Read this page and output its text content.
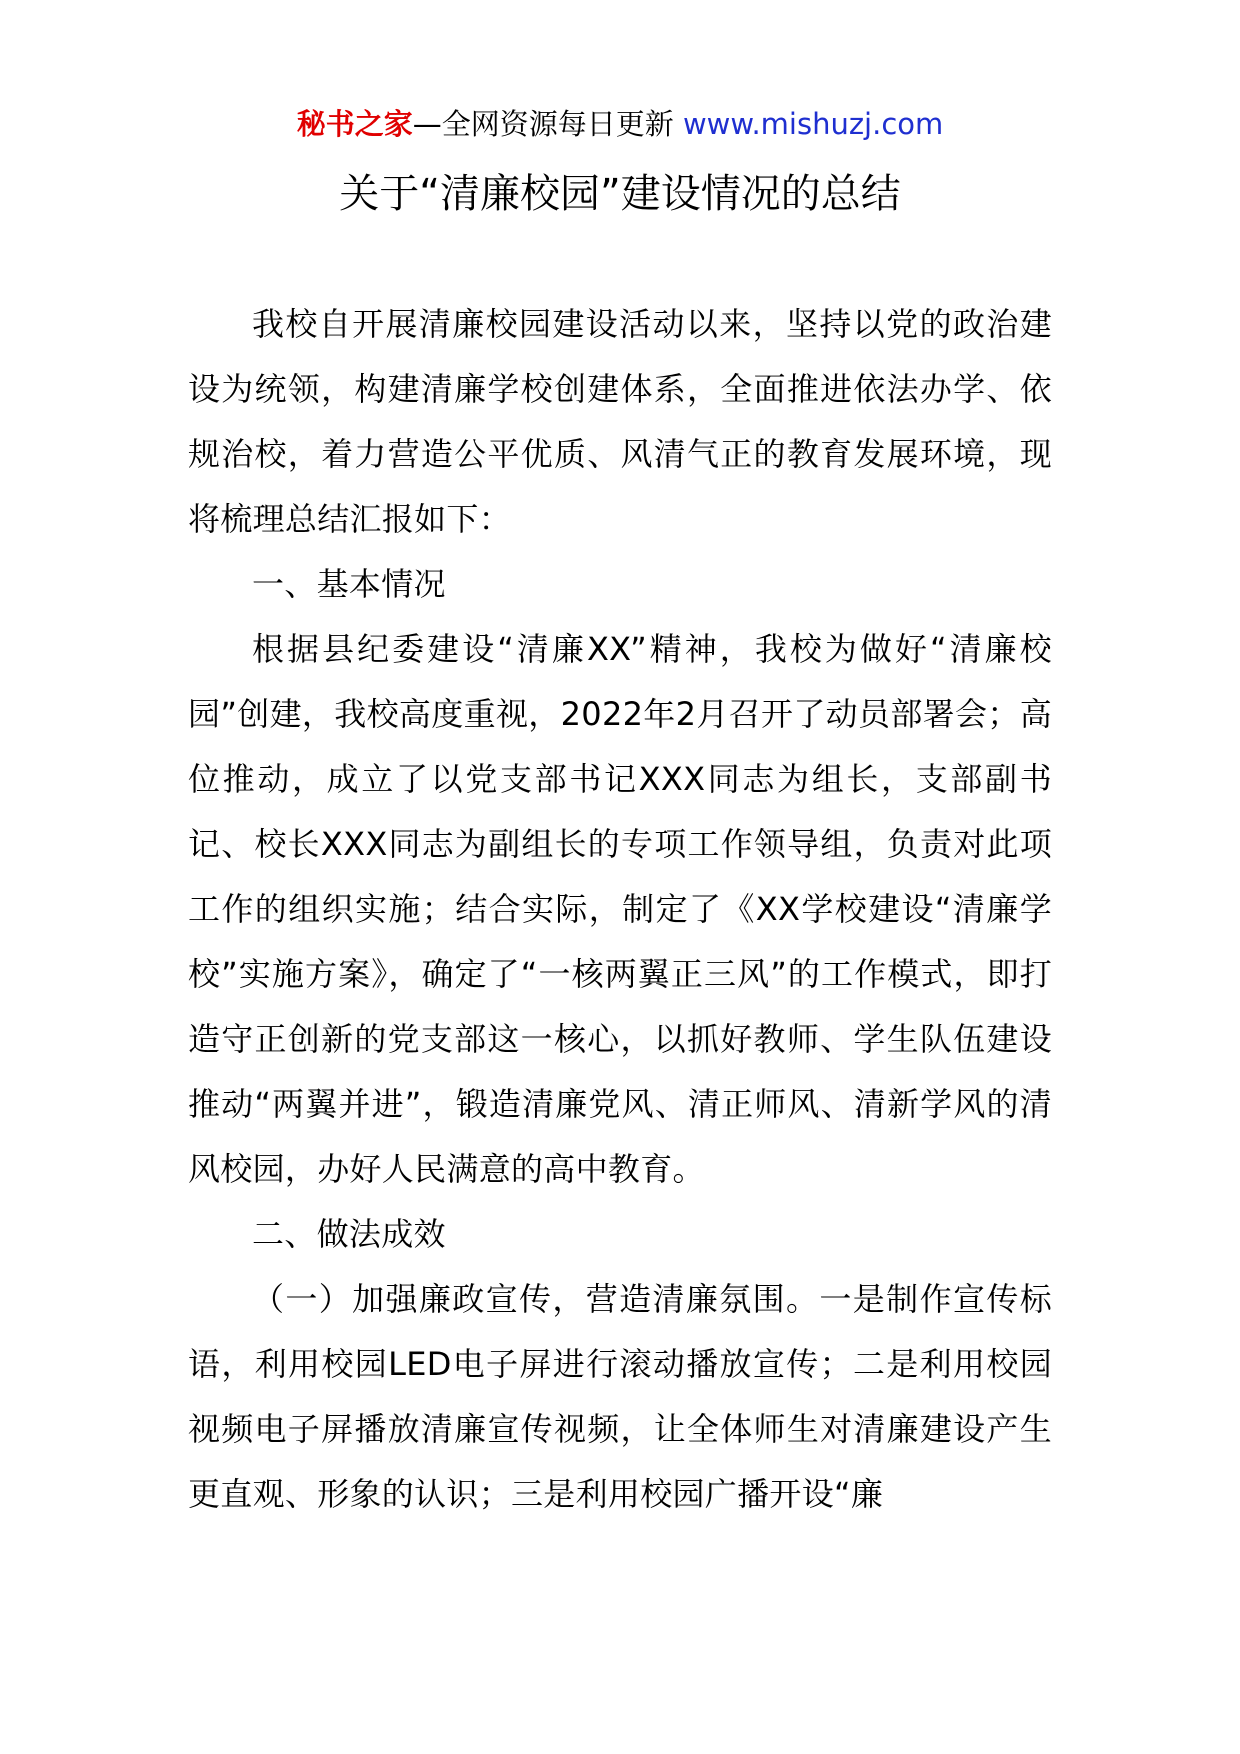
秘书之家—全网资源每日更新 www.mishuzj.com
关于“清廉校园”建设情况的总结

我校自开展清廉校园建设活动以来，坚持以党的政治建设为统领，构建清廉学校创建体系，全面推进依法办学、依规治校，着力营造公平优质、风清气正的教育发展环境，现将梳理总结汇报如下：

一、基本情况

根据县纪委建设“清廉XX”精神，我校为做好“清廉校园”创建，我校高度重视，2022年2月召开了动员部署会；高位推动，成立了以党支部书记XXX同志为组长，支部副书记、校长XXX同志为副组长的专项工作领导组，负责对此项工作的组织实施；结合实际，制定了《XX学校建设“清廉学校”实施方案》，确定了“一核两翼正三风”的工作模式，即打造守正创新的党支部这一核心，以抓好教师、学生队伍建设推动“两翼并进”，锻造清廉党风、清正师风、清新学风的清风校园，办好人民满意的高中教育。

二、做法成效

（一）加强廉政宣传，营造清廉氛围。一是制作宣传标语，利用校园LED电子屏进行滚动播放宣传；二是利用校园视频电子屏播放清廉宣传视频，让全体师生对清廉建设产生更直观、形象的认识；三是利用校园广播开设“廉
